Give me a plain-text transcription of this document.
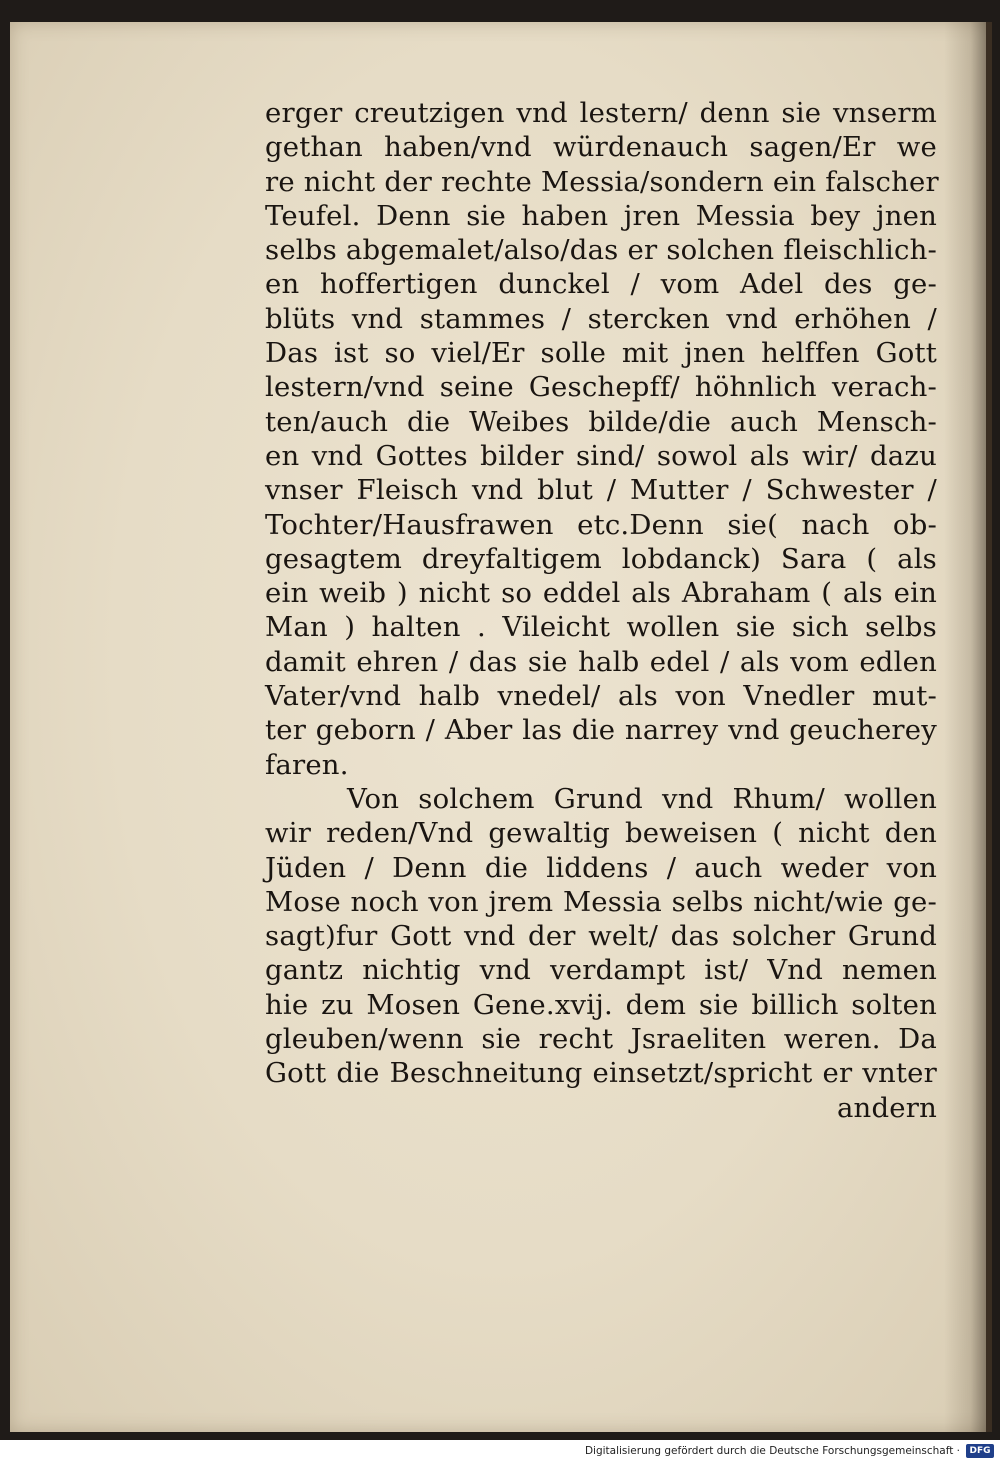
erger creutzigen vnd lestern/ denn sie vnserm
gethan haben/vnd würdenauch sagen/Er we
re nicht der rechte Messia/sondern ein falscher
Teufel. Denn sie haben jren Messia bey jnen
selbs abgemalet/also/das er solchen fleischlich-
en hoffertigen dunckel / vom Adel des ge-
blüts vnd stammes / stercken vnd erhöhen /
Das ist so viel/Er solle mit jnen helffen Gott
lestern/vnd seine Geschepff/ höhnlich verach-
ten/auch die Weibes bilde/die auch Mensch-
en vnd Gottes bilder sind/ sowol als wir/ dazu
vnser Fleisch vnd blut / Mutter / Schwester /
Tochter/Hausfrawen etc.Denn sie( nach ob-
gesagtem dreyfaltigem lobdanck) Sara ( als
ein weib ) nicht so eddel als Abraham ( als ein
Man ) halten . Vileicht wollen sie sich selbs
damit ehren / das sie halb edel / als vom edlen
Vater/vnd halb vnedel/ als von Vnedler mut-
ter geborn / Aber las die narrey vnd geucherey
faren.
Von solchem Grund vnd Rhum/ wollen
wir reden/Vnd gewaltig beweisen ( nicht den
Jüden / Denn die liddens / auch weder von
Mose noch von jrem Messia selbs nicht/wie ge-
sagt)fur Gott vnd der welt/ das solcher Grund
gantz nichtig vnd verdampt ist/ Vnd nemen
hie zu Mosen Gene.xvij. dem sie billich solten
gleuben/wenn sie recht Jsraeliten weren. Da
Gott die Beschneitung einsetzt/spricht er vnter
andern
Digitalisierung gefördert durch die Deutsche Forschungsgemeinschaft ·	DFG
